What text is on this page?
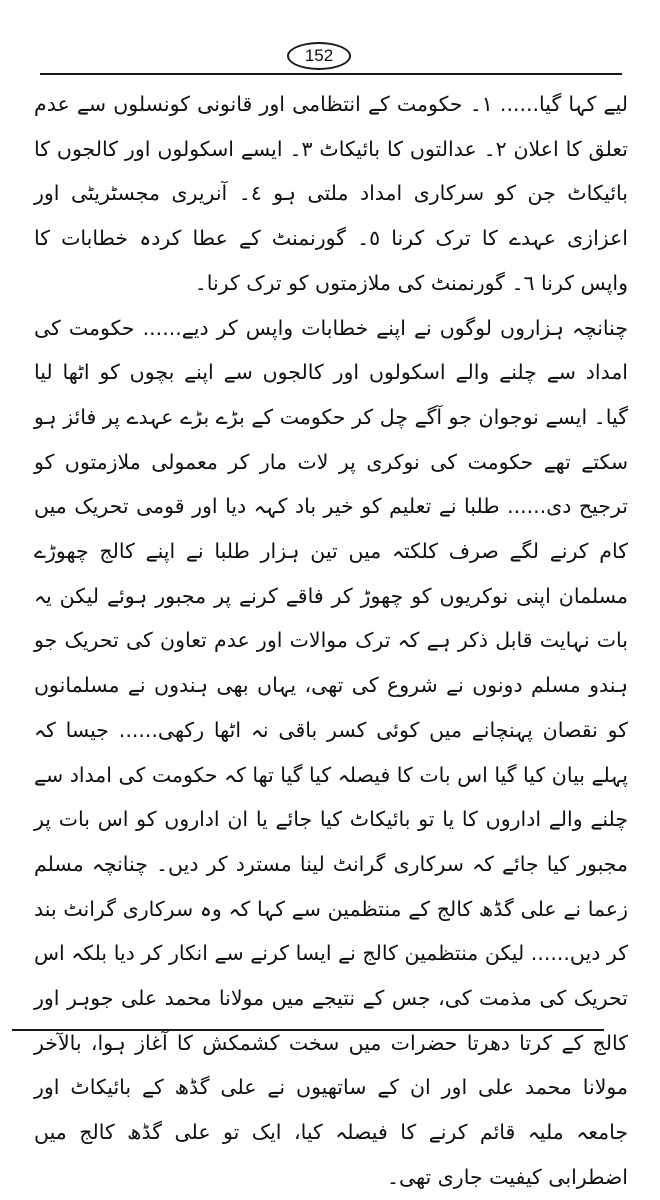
152

لیے کہا گیا...... ١۔ حکومت کے انتظامی اور قانونی کونسلوں سے عدم تعلق کا اعلان ٢۔ عدالتوں کا بائیکاٹ ٣۔ ایسے اسکولوں اور کالجوں کا بائیکاٹ جن کو سرکاری امداد ملتی ہو ٤۔ آنریری مجسٹریٹی اور اعزازی عہدے کا ترک کرنا ٥۔ گورنمنٹ کے عطا کردہ خطابات کا واپس کرنا ٦۔ گورنمنٹ کی ملازمتوں کو ترک کرنا۔

چنانچہ ہزاروں لوگوں نے اپنے خطابات واپس کر دیے...... حکومت کی امداد سے چلنے والے اسکولوں اور کالجوں سے اپنے بچوں کو اٹھا لیا گیا۔ ایسے نوجوان جو آگے چل کر حکومت کے بڑے بڑے عہدے پر فائز ہو سکتے تھے حکومت کی نوکری پر لات مار کر معمولی ملازمتوں کو ترجیح دی...... طلبا نے تعلیم کو خیر باد کہہ دیا اور قومی تحریک میں کام کرنے لگے صرف کلکتہ میں تین ہزار طلبا نے اپنے کالج چھوڑے مسلمان اپنی نوکریوں کو چھوڑ کر فاقے کرنے پر مجبور ہوئے لیکن یہ بات نہایت قابل ذکر ہے کہ ترک موالات اور عدم تعاون کی تحریک جو ہندو مسلم دونوں نے شروع کی تھی، یہاں بھی ہندوں نے مسلمانوں کو نقصان پہنچانے میں کوئی کسر باقی نہ اٹھا رکھی...... جیسا کہ پہلے بیان کیا گیا اس بات کا فیصلہ کیا گیا تھا کہ حکومت کی امداد سے چلنے والے اداروں کا یا تو بائیکاٹ کیا جائے یا ان اداروں کو اس بات پر مجبور کیا جائے کہ سرکاری گرانٹ لینا مسترد کر دیں۔ چنانچہ مسلم زعما نے علی گڈھ کالج کے منتظمین سے کہا کہ وہ سرکاری گرانٹ بند کر دیں...... لیکن منتظمین کالج نے ایسا کرنے سے انکار کر دیا بلکہ اس تحریک کی مذمت کی، جس کے نتیجے میں مولانا محمد علی جوہر اور کالج کے کرتا دھرتا حضرات میں سخت کشمکش کا آغاز ہوا، بالآخر مولانا محمد علی اور ان کے ساتھیوں نے علی گڈھ کے بائیکاٹ اور جامعہ ملیہ قائم کرنے کا فیصلہ کیا، ایک تو علی گڈھ کالج میں اضطرابی کیفیت جاری تھی۔
